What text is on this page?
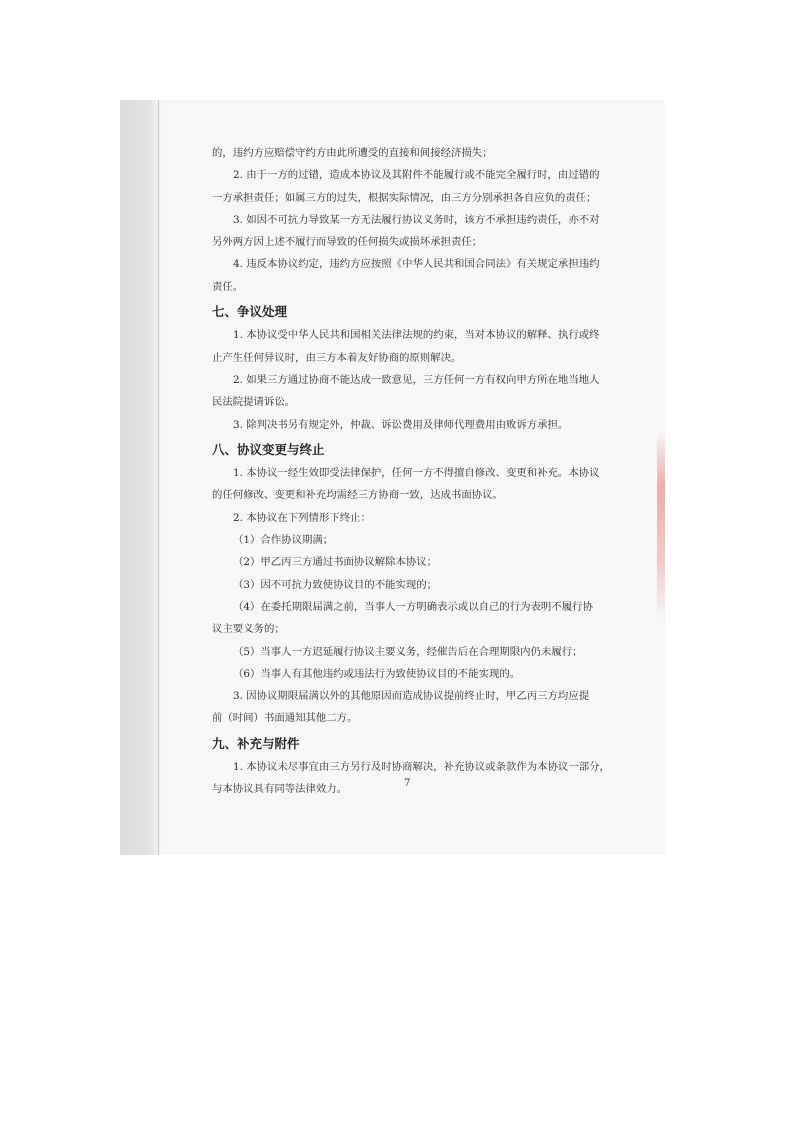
的，违约方应赔偿守约方由此所遭受的直接和间接经济损失；

2. 由于一方的过错，造成本协议及其附件不能履行或不能完全履行时，由过错的

一方承担责任；如属三方的过失，根据实际情况，由三方分别承担各自应负的责任；

3. 如因不可抗力导致某一方无法履行协议义务时，该方不承担违约责任，亦不对

另外两方因上述不履行而导致的任何损失或损坏承担责任；

4. 违反本协议约定，违约方应按照《中华人民共和国合同法》有关规定承担违约

责任。

七、争议处理

1. 本协议受中华人民共和国相关法律法规的约束，当对本协议的解释、执行或终

止产生任何异议时，由三方本着友好协商的原则解决。

2. 如果三方通过协商不能达成一致意见，三方任何一方有权向甲方所在地当地人

民法院提请诉讼。

3. 除判决书另有规定外，仲裁、诉讼费用及律师代理费用由败诉方承担。

八、协议变更与终止

1. 本协议一经生效即受法律保护，任何一方不得擅自修改、变更和补充。本协议

的任何修改、变更和补充均需经三方协商一致，达成书面协议。

2. 本协议在下列情形下终止：

（1）合作协议期满；

（2）甲乙丙三方通过书面协议解除本协议；

（3）因不可抗力致使协议目的不能实现的；

（4）在委托期限届满之前，当事人一方明确表示或以自己的行为表明不履行协

议主要义务的；

（5）当事人一方迟延履行协议主要义务，经催告后在合理期限内仍未履行；

（6）当事人有其他违约或违法行为致使协议目的不能实现的。

3. 因协议期限届满以外的其他原因而造成协议提前终止时，甲乙丙三方均应提

前（时间）书面通知其他二方。

九、补充与附件

1. 本协议未尽事宜由三方另行及时协商解决，补充协议或条款作为本协议一部分，

与本协议具有同等法律效力。	7
